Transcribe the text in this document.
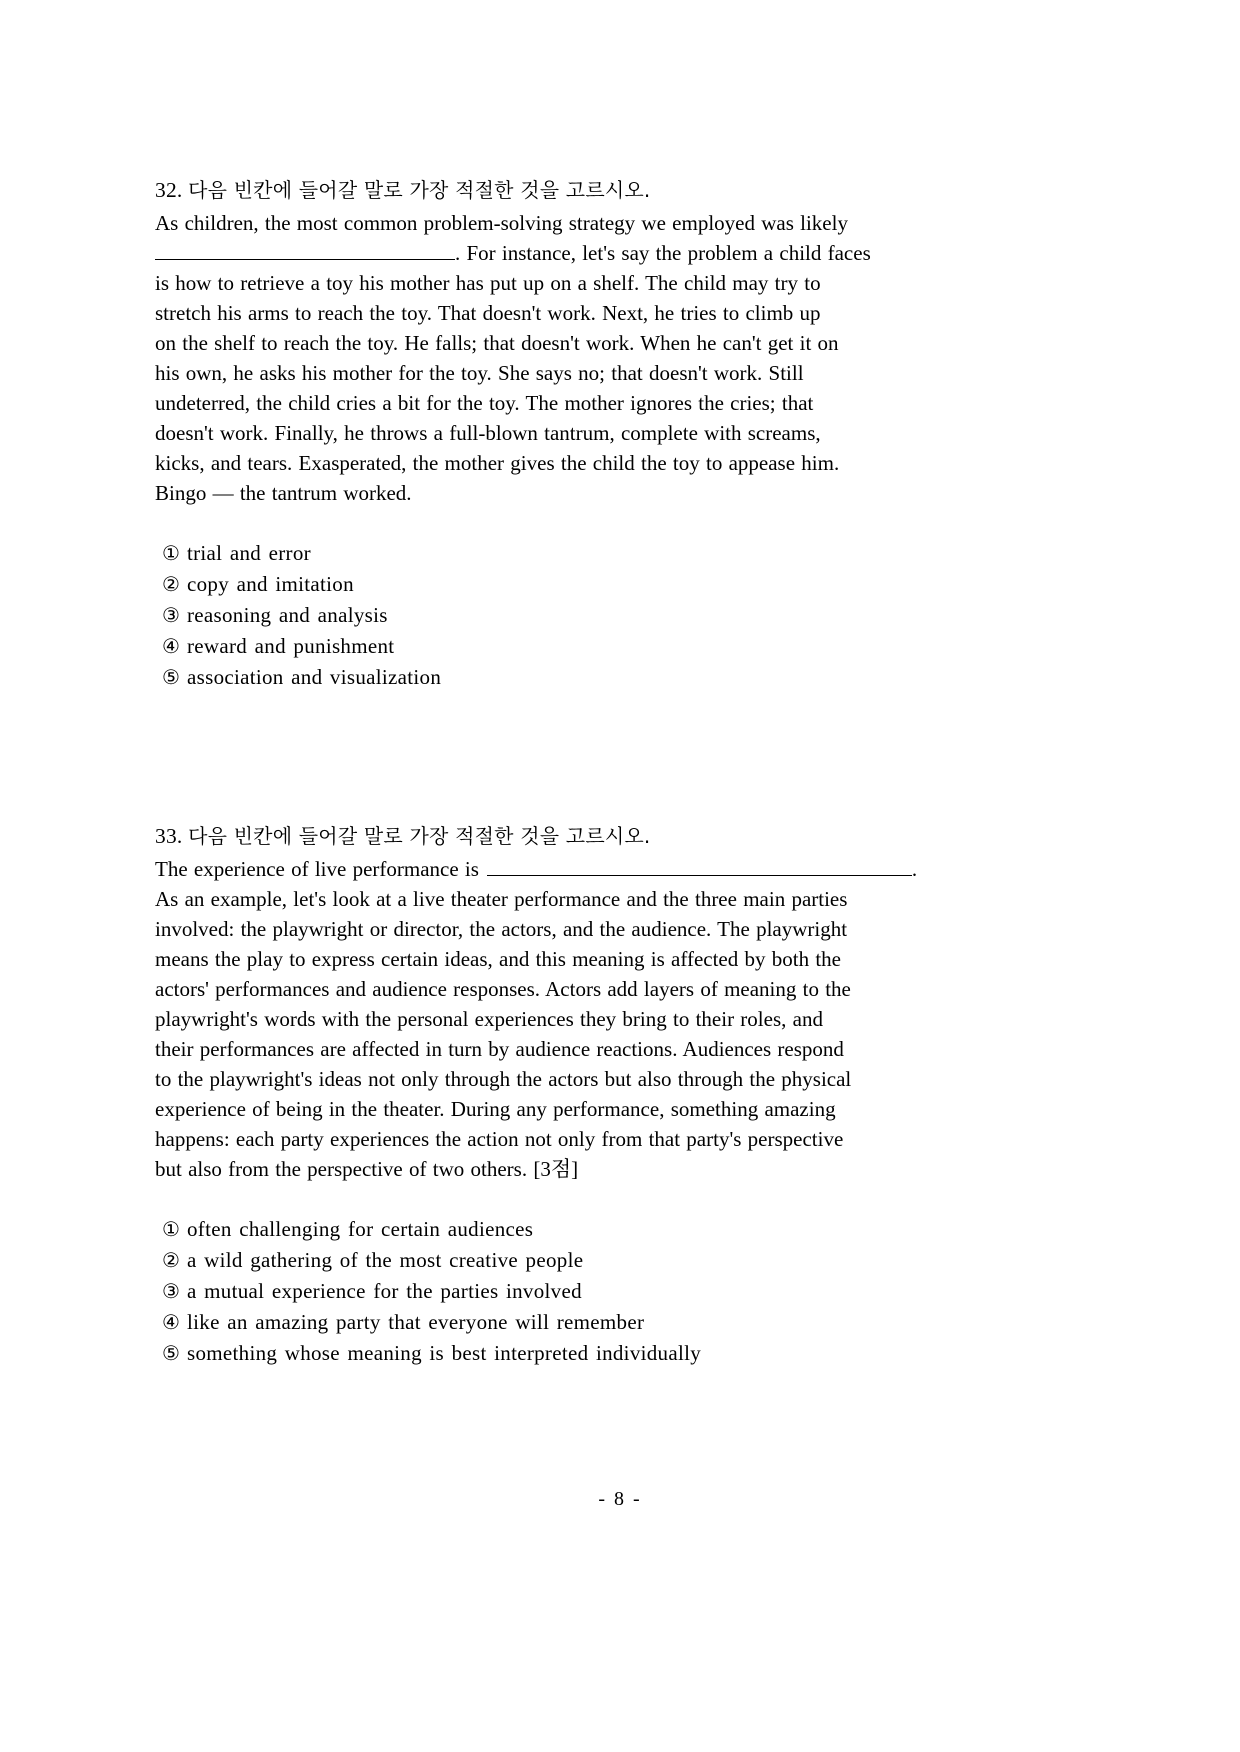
32. 다음 빈칸에 들어갈 말로 가장 적절한 것을 고르시오.
As children, the most common problem-solving strategy we employed was likely
. For instance, let's say the problem a child faces
is how to retrieve a toy his mother has put up on a shelf. The child may try to
stretch his arms to reach the toy. That doesn't work. Next, he tries to climb up
on the shelf to reach the toy. He falls; that doesn't work. When he can't get it on
his own, he asks his mother for the toy. She says no; that doesn't work. Still
undeterred, the child cries a bit for the toy. The mother ignores the cries; that
doesn't work. Finally, he throws a full-blown tantrum, complete with screams,
kicks, and tears. Exasperated, the mother gives the child the toy to appease him.
Bingo ― the tantrum worked.
① trial and error
② copy and imitation
③ reasoning and analysis
④ reward and punishment
⑤ association and visualization
33. 다음 빈칸에 들어갈 말로 가장 적절한 것을 고르시오.
The experience of live performance is	.
As an example, let's look at a live theater performance and the three main parties
involved: the playwright or director, the actors, and the audience. The playwright
means the play to express certain ideas, and this meaning is affected by both the
actors' performances and audience responses. Actors add layers of meaning to the
playwright's words with the personal experiences they bring to their roles, and
their performances are affected in turn by audience reactions. Audiences respond
to the playwright's ideas not only through the actors but also through the physical
experience of being in the theater. During any performance, something amazing
happens: each party experiences the action not only from that party's perspective
but also from the perspective of two others. [3점]
① often challenging for certain audiences
② a wild gathering of the most creative people
③ a mutual experience for the parties involved
④ like an amazing party that everyone will remember
⑤ something whose meaning is best interpreted individually
- 8 -
